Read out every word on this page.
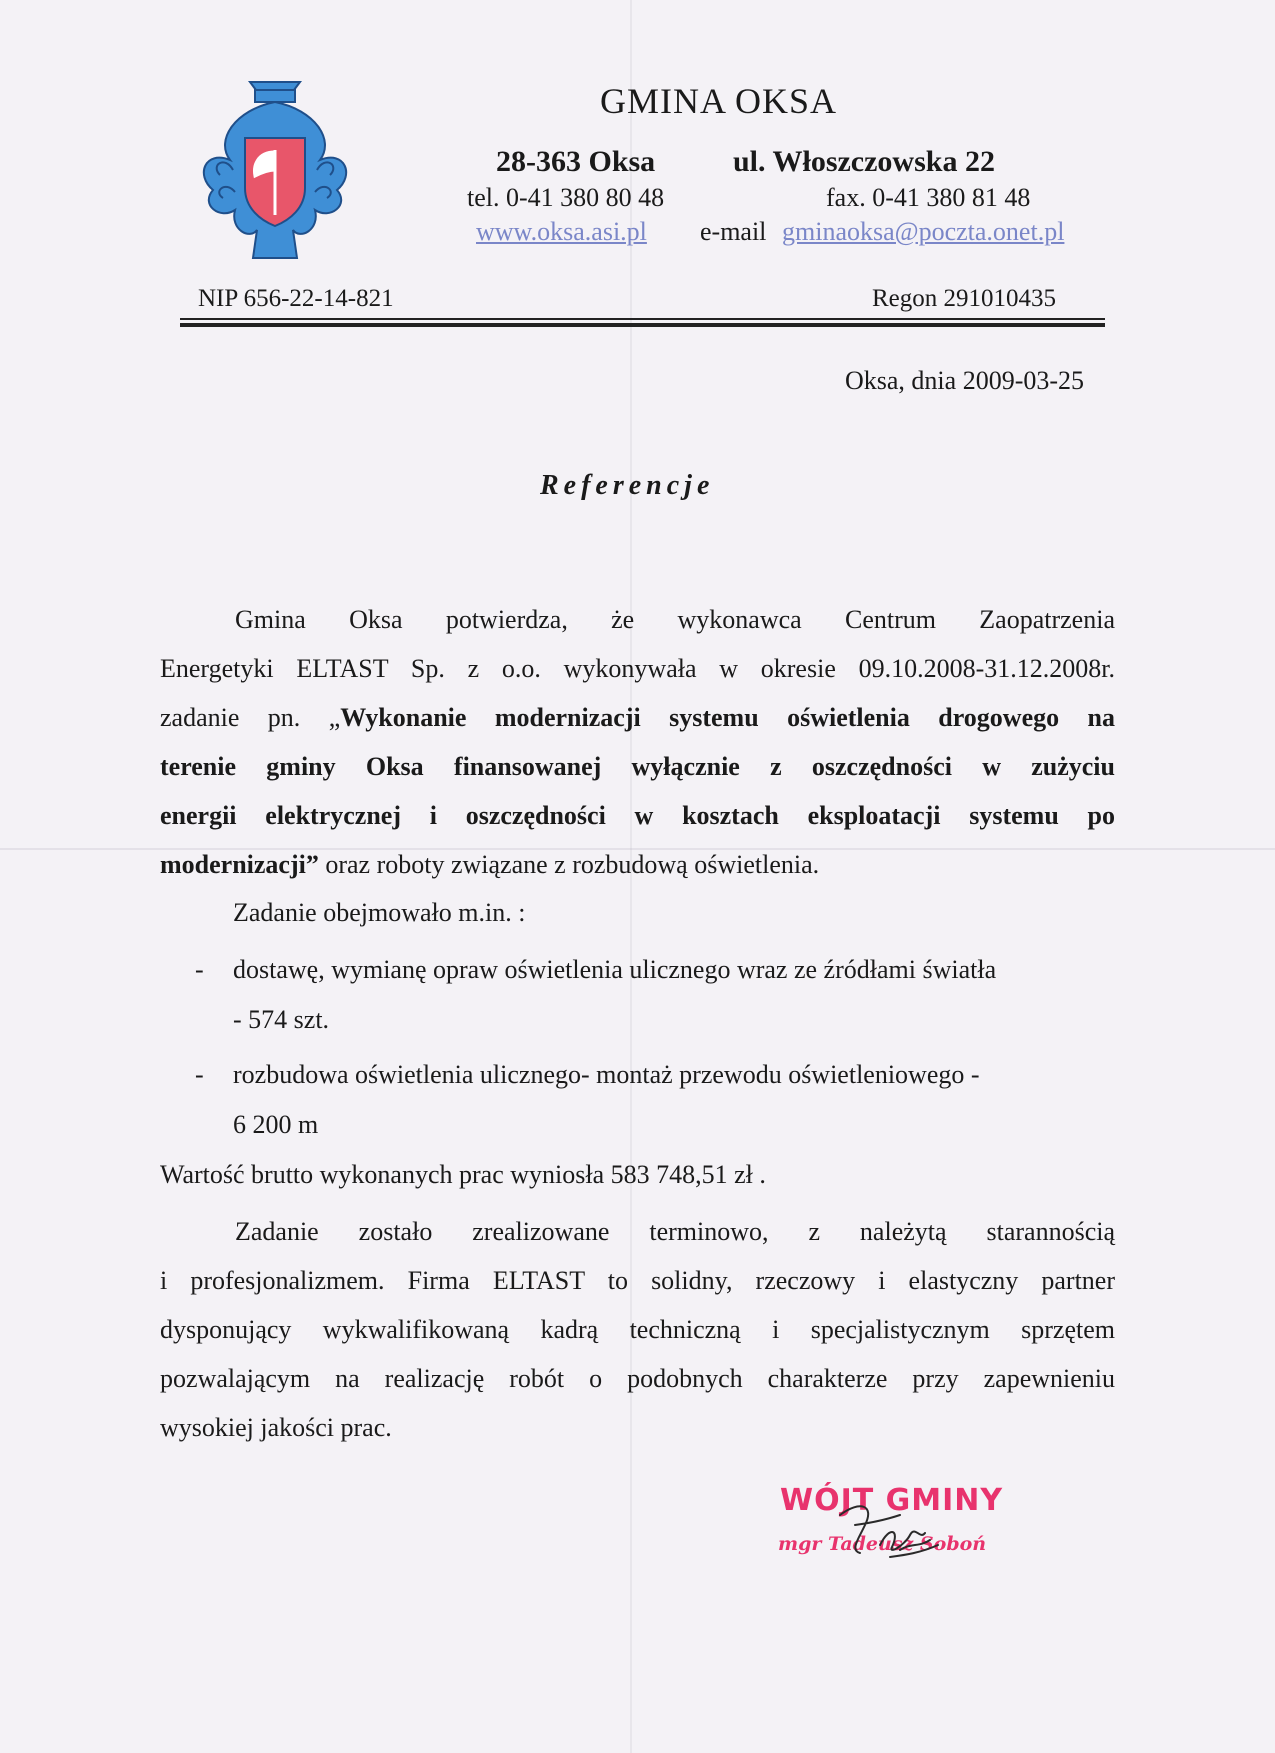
GMINA OKSA
28-363 Oksa	ul. Włoszczowska 22
tel. 0-41 380 80 48	fax. 0-41 380 81 48
www.oksa.asi.pl e-mail gminaoksa@poczta.onet.pl
NIP 656-22-14-821	Regon 291010435
Oksa, dnia 2009-03-25
Referencje
Gmina Oksa potwierdza, że wykonawca Centrum Zaopatrzenia
Energetyki ELTAST Sp. z o.o. wykonywała w okresie 09.10.2008-31.12.2008r.
zadanie pn. „Wykonanie modernizacji systemu oświetlenia drogowego na
terenie gminy Oksa finansowanej wyłącznie z oszczędności w zużyciu
energii elektrycznej i oszczędności w kosztach eksploatacji systemu po
modernizacji” oraz roboty związane z rozbudową oświetlenia.
Zadanie obejmowało m.in. :
- dostawę, wymianę opraw oświetlenia ulicznego wraz ze źródłami światła
- 574 szt.
- rozbudowa oświetlenia ulicznego- montaż przewodu oświetleniowego -
6 200 m
Wartość brutto wykonanych prac wyniosła 583 748,51 zł .
Zadanie zostało zrealizowane terminowo, z należytą starannością
i profesjonalizmem. Firma ELTAST to solidny, rzeczowy i elastyczny partner
dysponujący wykwalifikowaną kadrą techniczną i specjalistycznym sprzętem
pozwalającym na realizację robót o podobnych charakterze przy zapewnieniu
wysokiej jakości prac.
WÓJT GMINY
mgr Tadeusz Soboń
